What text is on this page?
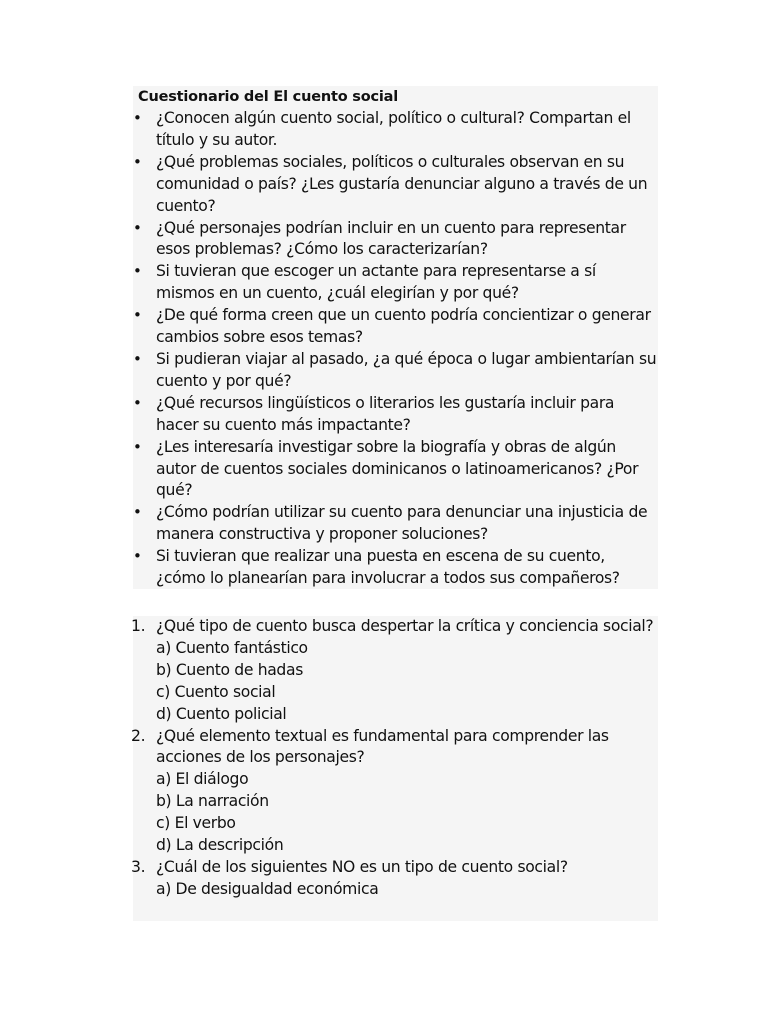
Cuestionario del El cuento social
• ¿Conocen algún cuento social, político o cultural? Compartan el título y su autor.
• ¿Qué problemas sociales, políticos o culturales observan en su comunidad o país? ¿Les gustaría denunciar alguno a través de un cuento?
• ¿Qué personajes podrían incluir en un cuento para representar esos problemas? ¿Cómo los caracterizarían?
• Si tuvieran que escoger un actante para representarse a sí mismos en un cuento, ¿cuál elegirían y por qué?
• ¿De qué forma creen que un cuento podría concientizar o generar cambios sobre esos temas?
• Si pudieran viajar al pasado, ¿a qué época o lugar ambientarían su cuento y por qué?
• ¿Qué recursos lingüísticos o literarios les gustaría incluir para hacer su cuento más impactante?
• ¿Les interesaría investigar sobre la biografía y obras de algún autor de cuentos sociales dominicanos o latinoamericanos? ¿Por qué?
• ¿Cómo podrían utilizar su cuento para denunciar una injusticia de manera constructiva y proponer soluciones?
• Si tuvieran que realizar una puesta en escena de su cuento, ¿cómo lo planearían para involucrar a todos sus compañeros?
1. ¿Qué tipo de cuento busca despertar la crítica y conciencia social?
a) Cuento fantástico
b) Cuento de hadas
c) Cuento social
d) Cuento policial
2. ¿Qué elemento textual es fundamental para comprender las acciones de los personajes?
a) El diálogo
b) La narración
c) El verbo
d) La descripción
3. ¿Cuál de los siguientes NO es un tipo de cuento social?
a) De desigualdad económica
